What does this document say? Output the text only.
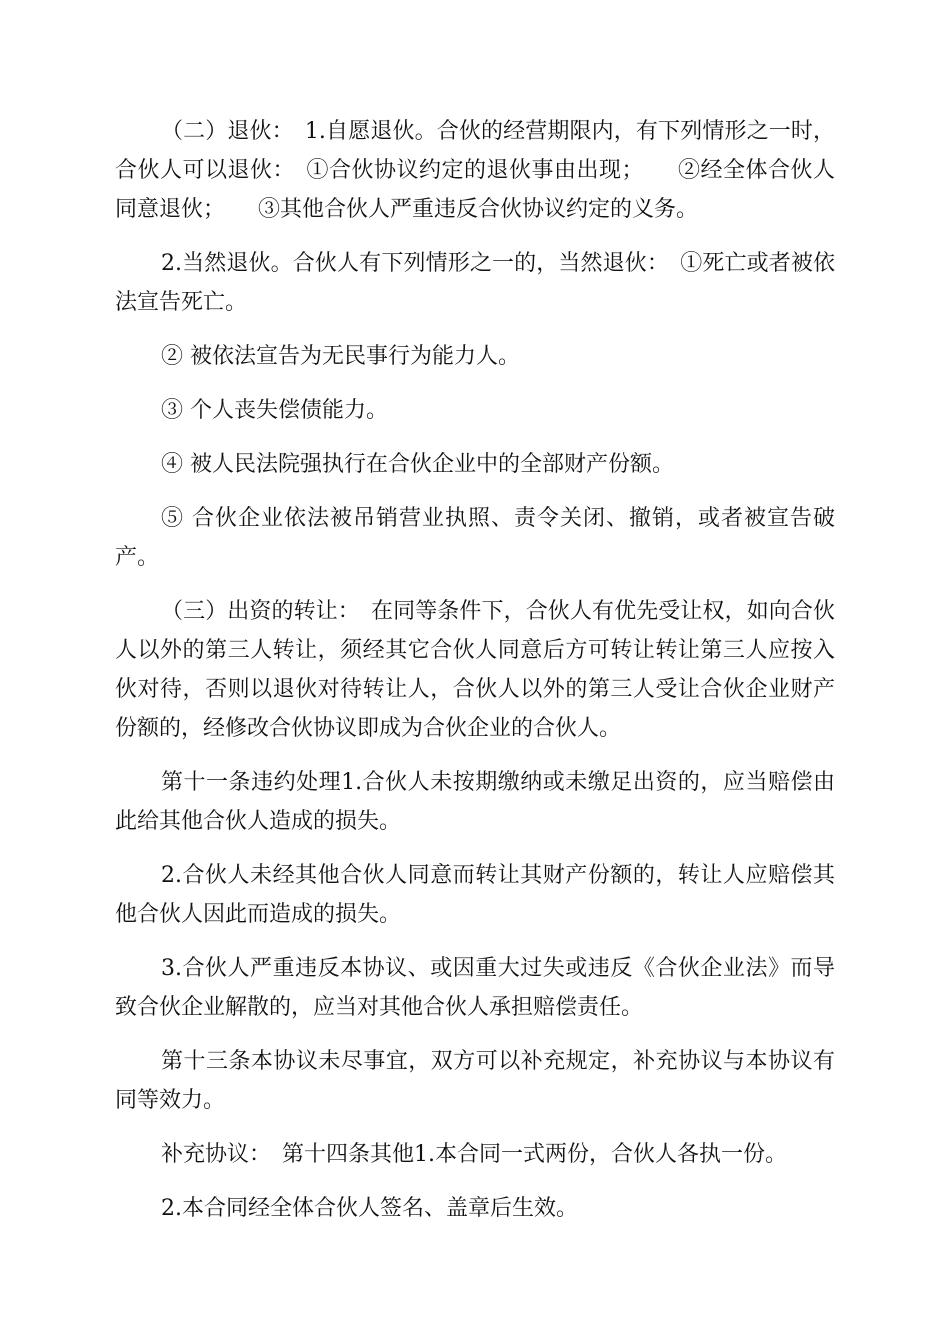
（二）退伙：　1.自愿退伙。合伙的经营期限内，有下列情形之一时，合伙人可以退伙：　①合伙协议约定的退伙事由出现；　　②经全体合伙人同意退伙；　　③其他合伙人严重违反合伙协议约定的义务。

2.当然退伙。合伙人有下列情形之一的，当然退伙：　①死亡或者被依法宣告死亡。

② 被依法宣告为无民事行为能力人。

③ 个人丧失偿债能力。

④ 被人民法院强执行在合伙企业中的全部财产份额。

⑤ 合伙企业依法被吊销营业执照、责令关闭、撤销，或者被宣告破产。

（三）出资的转让：　在同等条件下，合伙人有优先受让权，如向合伙人以外的第三人转让，须经其它合伙人同意后方可转让转让第三人应按入伙对待，否则以退伙对待转让人，合伙人以外的第三人受让合伙企业财产份额的，经修改合伙协议即成为合伙企业的合伙人。

第十一条违约处理1.合伙人未按期缴纳或未缴足出资的，应当赔偿由此给其他合伙人造成的损失。

2.合伙人未经其他合伙人同意而转让其财产份额的，转让人应赔偿其他合伙人因此而造成的损失。

3.合伙人严重违反本协议、或因重大过失或违反《合伙企业法》而导致合伙企业解散的，应当对其他合伙人承担赔偿责任。

第十三条本协议未尽事宜，双方可以补充规定，补充协议与本协议有同等效力。

补充协议：　第十四条其他1.本合同一式两份，合伙人各执一份。

2.本合同经全体合伙人签名、盖章后生效。
